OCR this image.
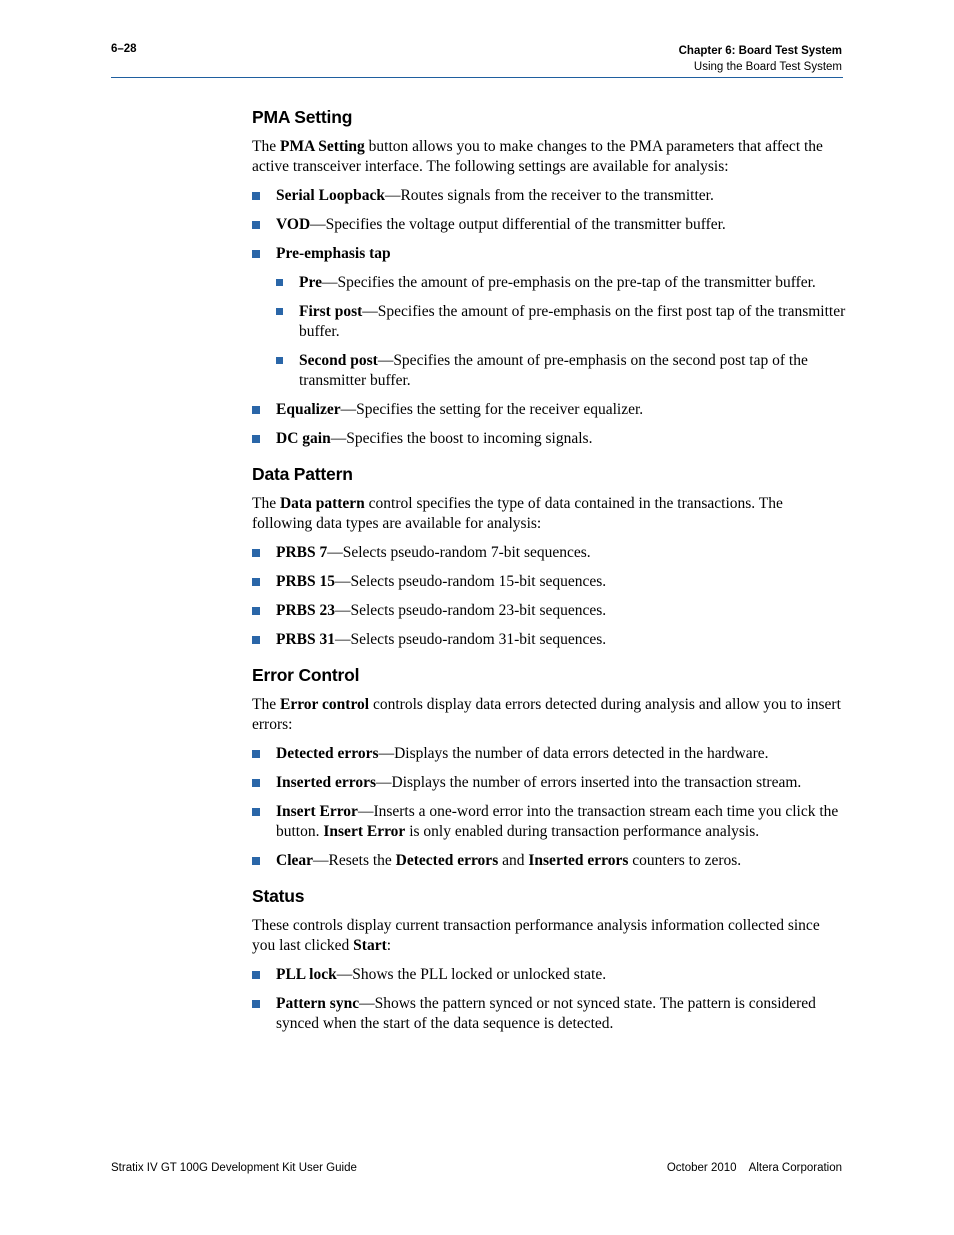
6–28	Chapter 6: Board Test System
Using the Board Test System
PMA Setting

The PMA Setting button allows you to make changes to the PMA parameters that affect the active transceiver interface. The following settings are available for analysis:

Serial Loopback—Routes signals from the receiver to the transmitter.
VOD—Specifies the voltage output differential of the transmitter buffer.
Pre-emphasis tap
Pre—Specifies the amount of pre-emphasis on the pre-tap of the transmitter buffer.
First post—Specifies the amount of pre-emphasis on the first post tap of the transmitter buffer.
Second post—Specifies the amount of pre-emphasis on the second post tap of the transmitter buffer.
Equalizer—Specifies the setting for the receiver equalizer.
DC gain—Specifies the boost to incoming signals.
Data Pattern

The Data pattern control specifies the type of data contained in the transactions. The following data types are available for analysis:

PRBS 7—Selects pseudo-random 7-bit sequences.
PRBS 15—Selects pseudo-random 15-bit sequences.
PRBS 23—Selects pseudo-random 23-bit sequences.
PRBS 31—Selects pseudo-random 31-bit sequences.
Error Control

The Error control controls display data errors detected during analysis and allow you to insert errors:

Detected errors—Displays the number of data errors detected in the hardware.
Inserted errors—Displays the number of errors inserted into the transaction stream.
Insert Error—Inserts a one-word error into the transaction stream each time you click the button. Insert Error is only enabled during transaction performance analysis.
Clear—Resets the Detected errors and Inserted errors counters to zeros.
Status

These controls display current transaction performance analysis information collected since you last clicked Start:

PLL lock—Shows the PLL locked or unlocked state.
Pattern sync—Shows the pattern synced or not synced state. The pattern is considered synced when the start of the data sequence is detected.
Stratix IV GT 100G Development Kit User Guide	October 2010    Altera Corporation
